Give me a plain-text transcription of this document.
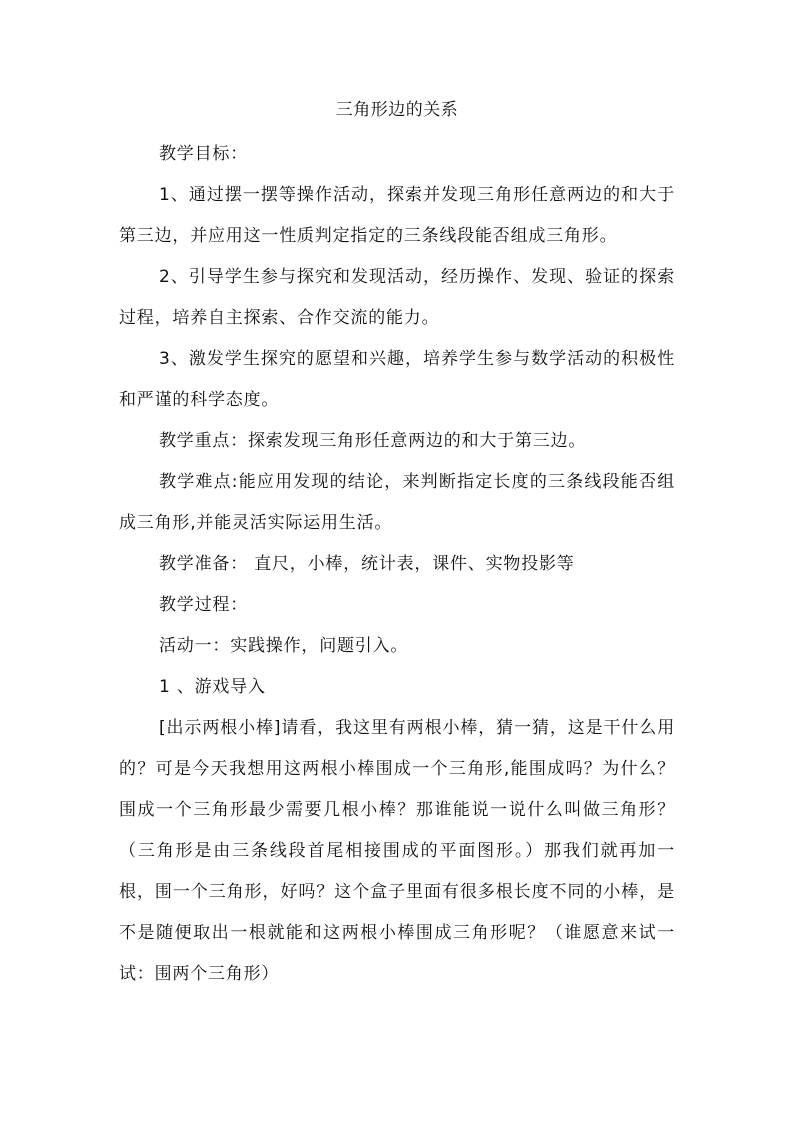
三角形边的关系

教学目标：

1、通过摆一摆等操作活动，探索并发现三角形任意两边的和大于第三边，并应用这一性质判定指定的三条线段能否组成三角形。

2、引导学生参与探究和发现活动，经历操作、发现、验证的探索过程，培养自主探索、合作交流的能力。

3、激发学生探究的愿望和兴趣，培养学生参与数学活动的积极性和严谨的科学态度。

教学重点：探索发现三角形任意两边的和大于第三边。

教学难点:能应用发现的结论，来判断指定长度的三条线段能否组成三角形,并能灵活实际运用生活。

教学准备： 直尺，小棒，统计表，课件、实物投影等

教学过程：

活动一：实践操作，问题引入。

1 、游戏导入

[出示两根小棒]请看，我这里有两根小棒，猜一猜，这是干什么用的？可是今天我想用这两根小棒围成一个三角形,能围成吗？为什么？围成一个三角形最少需要几根小棒？那谁能说一说什么叫做三角形？（三角形是由三条线段首尾相接围成的平面图形。）那我们就再加一根，围一个三角形，好吗？这个盒子里面有很多根长度不同的小棒，是不是随便取出一根就能和这两根小棒围成三角形呢？（谁愿意来试一试：围两个三角形）
